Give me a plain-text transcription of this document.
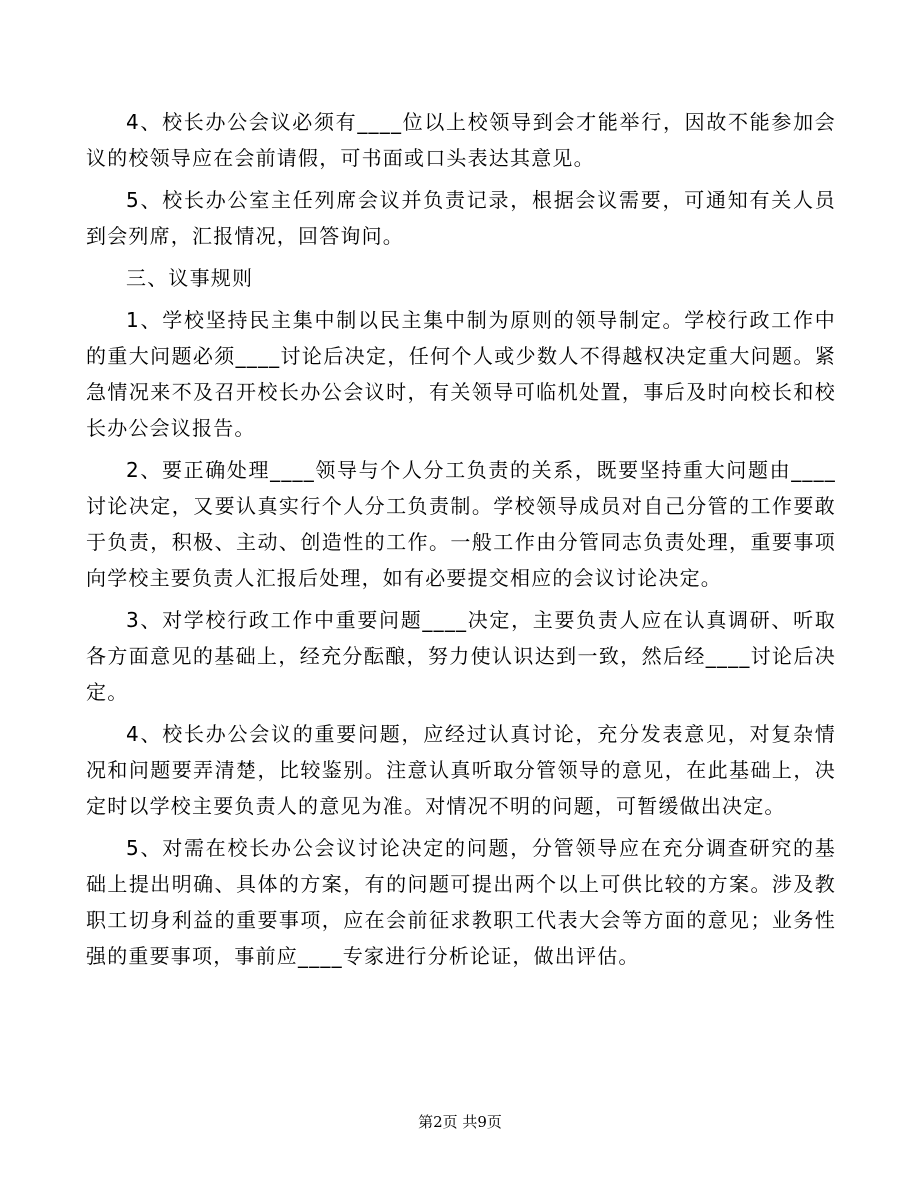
4、校长办公会议必须有____位以上校领导到会才能举行，因故不能参加会议的校领导应在会前请假，可书面或口头表达其意见。

5、校长办公室主任列席会议并负责记录，根据会议需要，可通知有关人员到会列席，汇报情况，回答询问。

三、议事规则

1、学校坚持民主集中制以民主集中制为原则的领导制定。学校行政工作中的重大问题必须____讨论后决定，任何个人或少数人不得越权决定重大问题。紧急情况来不及召开校长办公会议时，有关领导可临机处置，事后及时向校长和校长办公会议报告。

2、要正确处理____领导与个人分工负责的关系，既要坚持重大问题由____讨论决定，又要认真实行个人分工负责制。学校领导成员对自己分管的工作要敢于负责，积极、主动、创造性的工作。一般工作由分管同志负责处理，重要事项向学校主要负责人汇报后处理，如有必要提交相应的会议讨论决定。

3、对学校行政工作中重要问题____决定，主要负责人应在认真调研、听取各方面意见的基础上，经充分酝酿，努力使认识达到一致，然后经____讨论后决定。

4、校长办公会议的重要问题，应经过认真讨论，充分发表意见，对复杂情况和问题要弄清楚，比较鉴别。注意认真听取分管领导的意见，在此基础上，决定时以学校主要负责人的意见为准。对情况不明的问题，可暂缓做出决定。

5、对需在校长办公会议讨论决定的问题，分管领导应在充分调查研究的基础上提出明确、具体的方案，有的问题可提出两个以上可供比较的方案。涉及教职工切身利益的重要事项，应在会前征求教职工代表大会等方面的意见；业务性强的重要事项，事前应____专家进行分析论证，做出评估。

第2页 共9页
